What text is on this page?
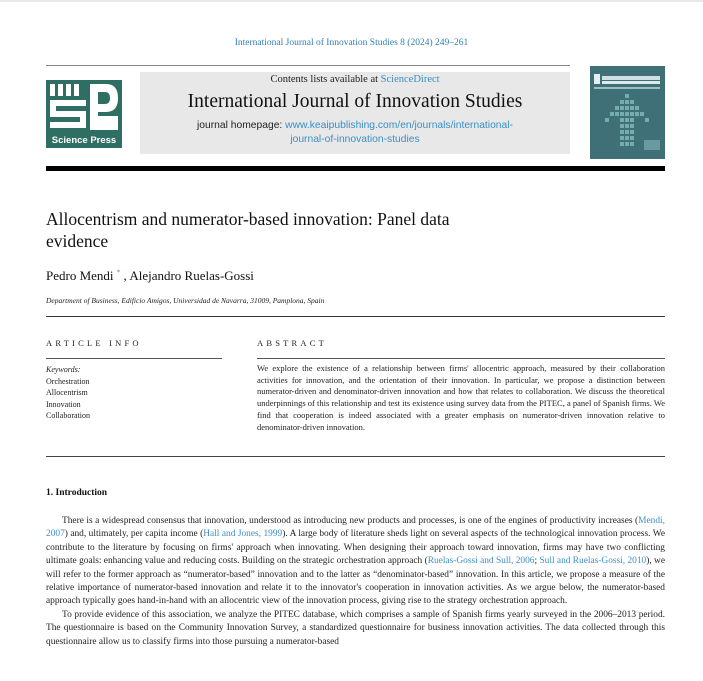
International Journal of Innovation Studies 8 (2024) 249–261
Science Press
Contents lists available at ScienceDirect
International Journal of Innovation Studies
journal homepage: www.keaipublishing.com/en/journals/international-
journal-of-innovation-studies
Allocentrism and numerator-based innovation: Panel data evidence
Pedro Mendi * , Alejandro Ruelas-Gossi
Department of Business, Edificio Amigos, Universidad de Navarra, 31009, Pamplona, Spain
ARTICLE INFO
Keywords:
Orchestration
Allocentrism
Innovation
Collaboration
ABSTRACT
We explore the existence of a relationship between firms' allocentric approach, measured by their collaboration activities for innovation, and the orientation of their innovation. In particular, we propose a distinction between numerator-driven and denominator-driven innovation and how that relates to collaboration. We discuss the theoretical underpinnings of this relationship and test its existence using survey data from the PITEC, a panel of Spanish firms. We find that cooperation is indeed associated with a greater emphasis on numerator-driven innovation relative to denominator-driven innovation.
1. Introduction

There is a widespread consensus that innovation, understood as introducing new products and processes, is one of the engines of productivity increases (Mendi, 2007) and, ultimately, per capita income (Hall and Jones, 1999). A large body of literature sheds light on several aspects of the technological innovation process. We contribute to the literature by focusing on firms' approach when innovating. When designing their approach toward innovation, firms may have two conflicting ultimate goals: enhancing value and reducing costs. Building on the strategic orchestration approach (Ruelas-Gossi and Sull, 2006; Sull and Ruelas-Gossi, 2010), we will refer to the former approach as “numerator-based” innovation and to the latter as “denominator-based” innovation. In this article, we propose a measure of the relative importance of numerator-based innovation and relate it to the innovator's cooperation in innovation activities. As we argue below, the numerator-based approach typically goes hand-in-hand with an allocentric view of the innovation process, giving rise to the strategy orchestration approach.

To provide evidence of this association, we analyze the PITEC database, which comprises a sample of Spanish firms yearly surveyed in the 2006–2013 period. The questionnaire is based on the Community Innovation Survey, a standardized questionnaire for business innovation activities. The data collected through this questionnaire allow us to classify firms into those pursuing a numerator-based
